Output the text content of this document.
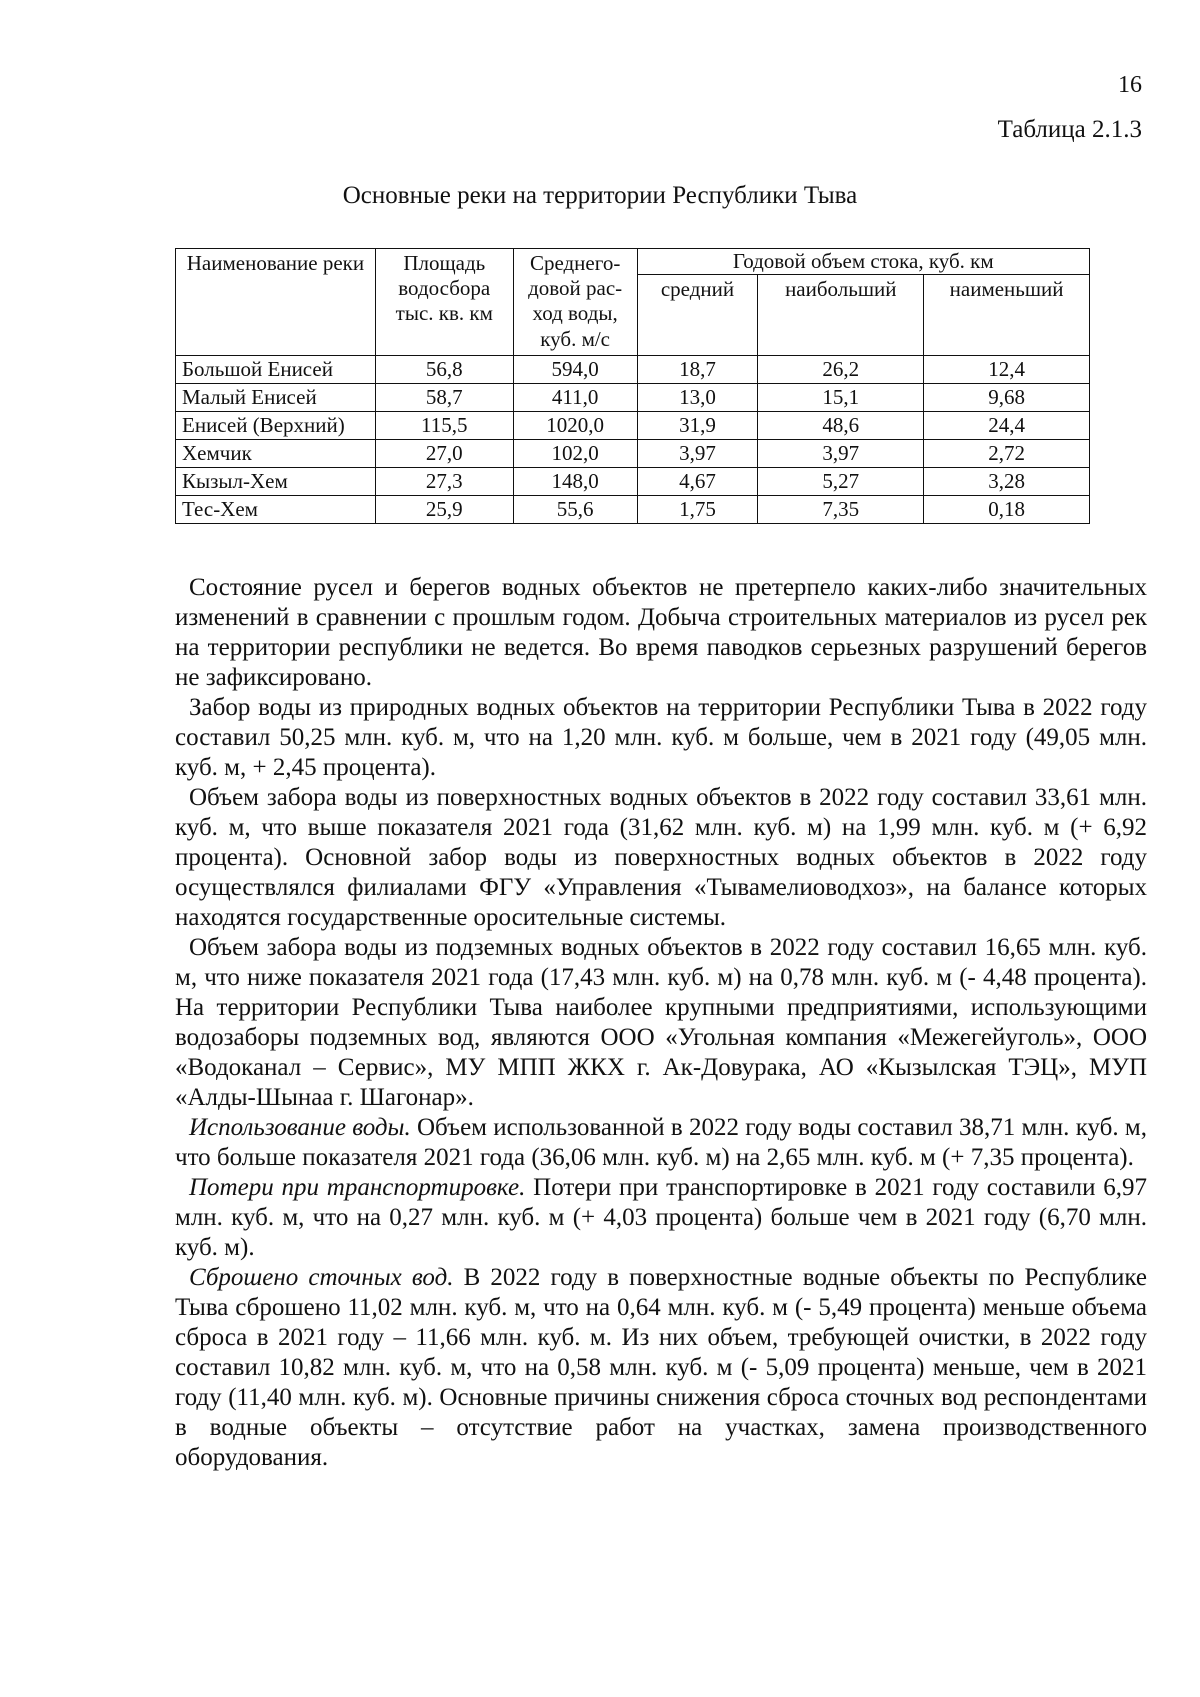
16
Таблица 2.1.3
Основные реки на территории Республики Тыва
Наименование реки	Площадь водосбора тыс. кв. км	Среднего-довой рас-ход воды, куб. м/с	Годовой объем стока, куб. км		
			средний	наибольший	наименьший
Большой Енисей	56,8	594,0	18,7	26,2	12,4
Малый Енисей	58,7	411,0	13,0	15,1	9,68
Енисей (Верхний)	115,5	1020,0	31,9	48,6	24,4
Хемчик	27,0	102,0	3,97	3,97	2,72
Кызыл-Хем	27,3	148,0	4,67	5,27	3,28
Тес-Хем	25,9	55,6	1,75	7,35	0,18

Состояние русел и берегов водных объектов не претерпело каких-либо значительных изменений в сравнении с прошлым годом. Добыча строительных материалов из русел рек на территории республики не ведется. Во время паводков серьезных разрушений берегов не зафиксировано.

Забор воды из природных водных объектов на территории Республики Тыва в 2022 году составил 50,25 млн. куб. м, что на 1,20 млн. куб. м больше, чем в 2021 году (49,05 млн. куб. м, + 2,45 процента).

Объем забора воды из поверхностных водных объектов в 2022 году составил 33,61 млн. куб. м, что выше показателя 2021 года (31,62 млн. куб. м) на 1,99 млн. куб. м (+ 6,92 процента). Основной забор воды из поверхностных водных объектов в 2022 году осуществлялся филиалами ФГУ «Управления «Тывамелиоводхоз», на балансе которых находятся государственные оросительные системы.

Объем забора воды из подземных водных объектов в 2022 году составил 16,65 млн. куб. м, что ниже показателя 2021 года (17,43 млн. куб. м) на 0,78 млн. куб. м (- 4,48 процента). На территории Республики Тыва наиболее крупными предприятиями, использующими водозаборы подземных вод, являются ООО «Угольная компания «Межегейуголь», ООО «Водоканал – Сервис», МУ МПП ЖКХ г. Ак-Довурака, АО «Кызылская ТЭЦ», МУП «Алды-Шынаа г. Шагонар».

Использование воды. Объем использованной в 2022 году воды составил 38,71 млн. куб. м, что больше показателя 2021 года (36,06 млн. куб. м) на 2,65 млн. куб. м (+ 7,35 процента).

Потери при транспортировке. Потери при транспортировке в 2021 году составили 6,97 млн. куб. м, что на 0,27 млн. куб. м (+ 4,03 процента) больше чем в 2021 году (6,70 млн. куб. м).

Сброшено сточных вод. В 2022 году в поверхностные водные объекты по Республике Тыва сброшено 11,02 млн. куб. м, что на 0,64 млн. куб. м (- 5,49 процента) меньше объема сброса в 2021 году – 11,66 млн. куб. м. Из них объем, требующей очистки, в 2022 году составил 10,82 млн. куб. м, что на 0,58 млн. куб. м (- 5,09 процента) меньше, чем в 2021 году (11,40 млн. куб. м). Основные причины снижения сброса сточных вод респондентами в водные объекты – отсутствие работ на участках, замена производственного оборудования.
